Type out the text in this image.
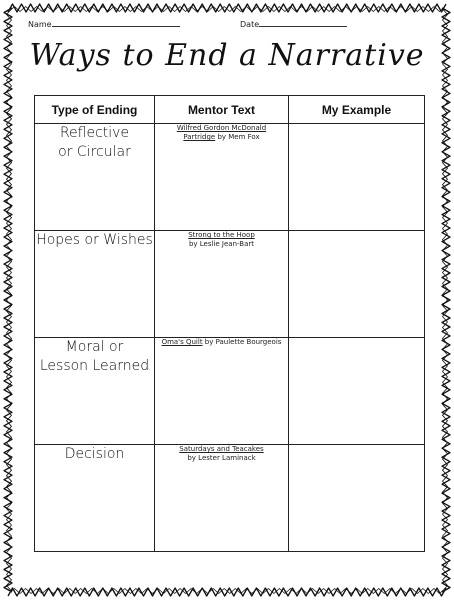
Name	Date
Ways to End a Narrative
Type of Ending	Mentor Text	My Example

Reflective
or Circular	Wilfred Gordon McDonald
Partridge by Mem Fox	

Hopes or Wishes	Strong to the Hoop
by Leslie Jean-Bart	

Moral or
Lesson Learned	Oma's Quilt by Paulette Bourgeois	

Decision	Saturdays and Teacakes
by Lester Laminack	
